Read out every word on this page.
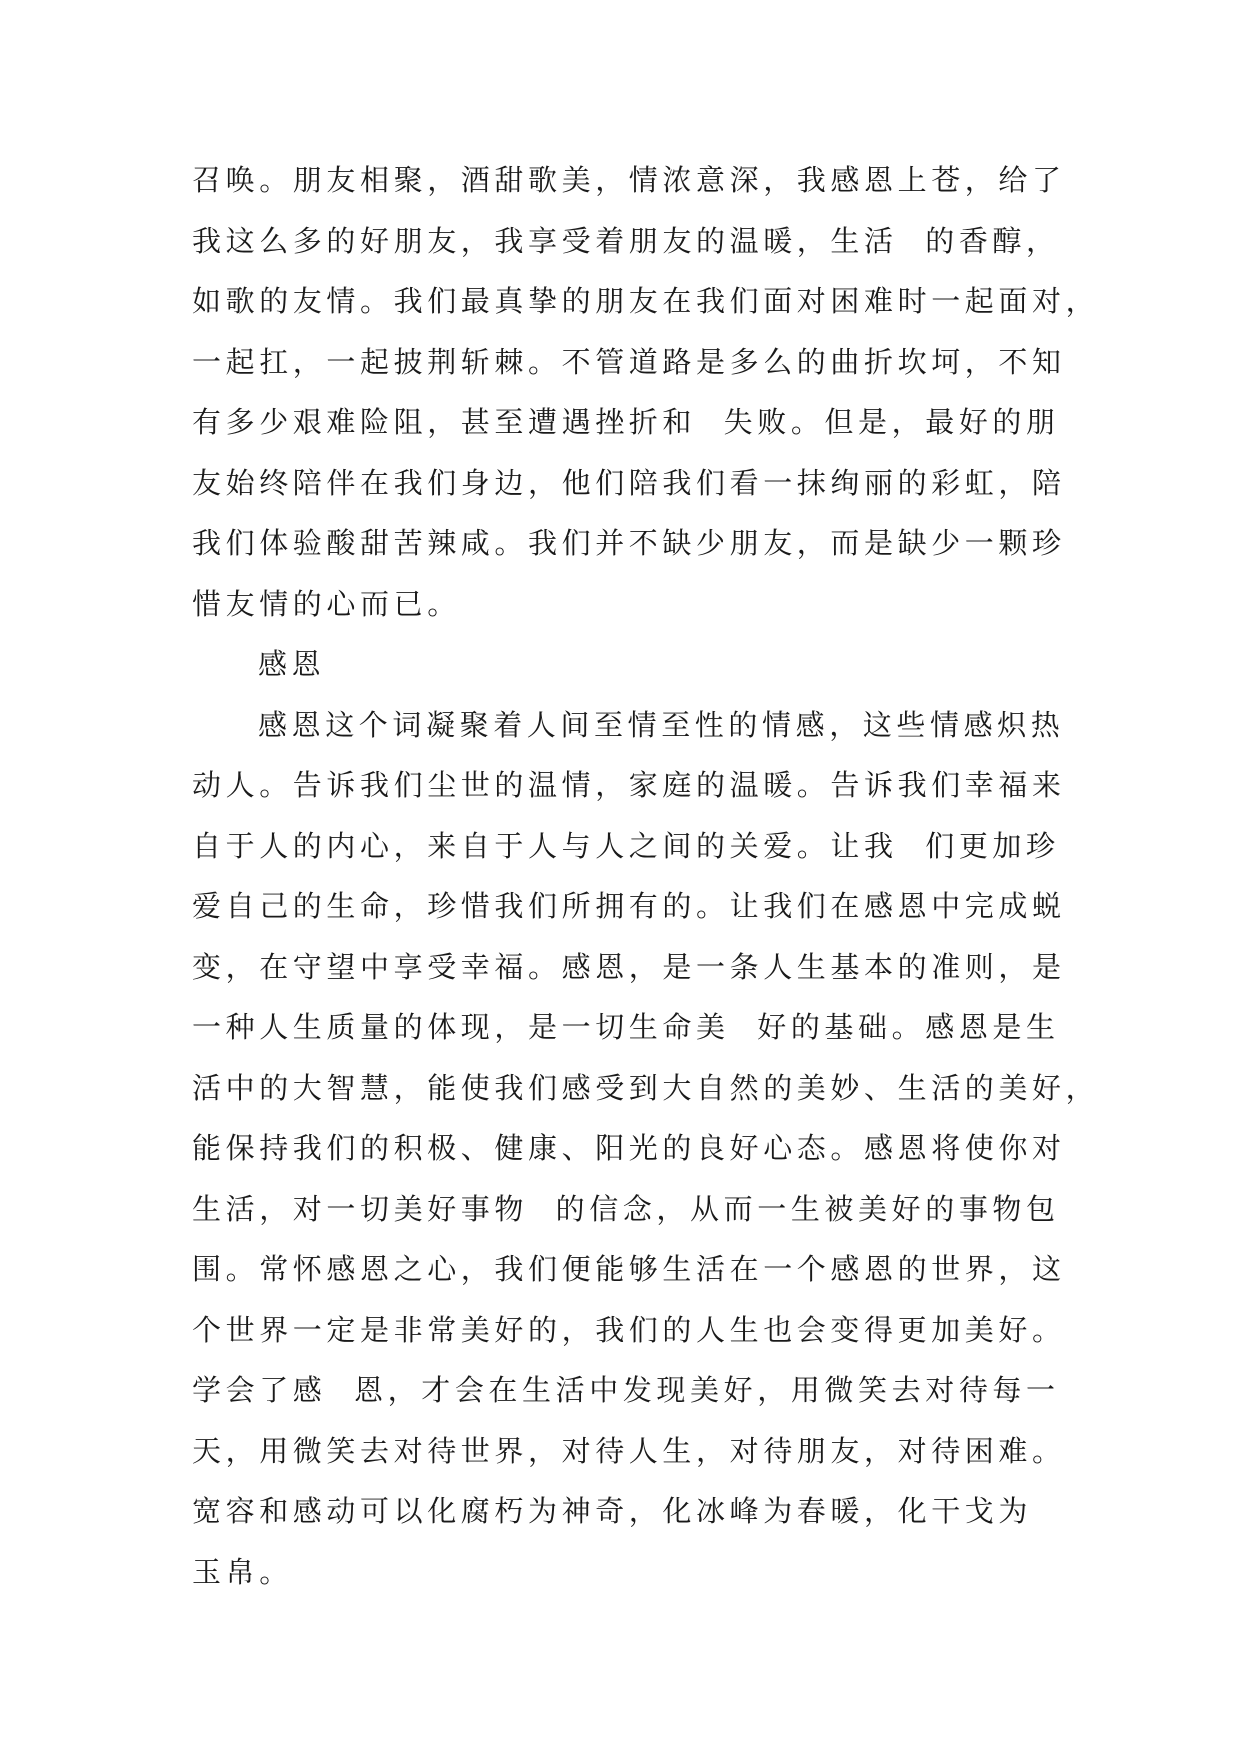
召唤。朋友相聚，酒甜歌美，情浓意深，我感恩上苍，给了
我这么多的好朋友，我享受着朋友的温暖，生活  的香醇，
如歌的友情。我们最真挚的朋友在我们面对困难时一起面对，
一起扛，一起披荆斩棘。不管道路是多么的曲折坎坷，不知
有多少艰难险阻，甚至遭遇挫折和  失败。但是，最好的朋
友始终陪伴在我们身边，他们陪我们看一抹绚丽的彩虹，陪
我们体验酸甜苦辣咸。我们并不缺少朋友，而是缺少一颗珍
惜友情的心而已。
感恩
感恩这个词凝聚着人间至情至性的情感，这些情感炽热
动人。告诉我们尘世的温情，家庭的温暖。告诉我们幸福来
自于人的内心，来自于人与人之间的关爱。让我  们更加珍
爱自己的生命，珍惜我们所拥有的。让我们在感恩中完成蜕
变，在守望中享受幸福。感恩，是一条人生基本的准则，是
一种人生质量的体现，是一切生命美  好的基础。感恩是生
活中的大智慧，能使我们感受到大自然的美妙、生活的美好，
能保持我们的积极、健康、阳光的良好心态。感恩将使你对
生活，对一切美好事物  的信念，从而一生被美好的事物包
围。常怀感恩之心，我们便能够生活在一个感恩的世界，这
个世界一定是非常美好的，我们的人生也会变得更加美好。
学会了感  恩，才会在生活中发现美好，用微笑去对待每一
天，用微笑去对待世界，对待人生，对待朋友，对待困难。
宽容和感动可以化腐朽为神奇，化冰峰为春暖，化干戈为
玉帛。
